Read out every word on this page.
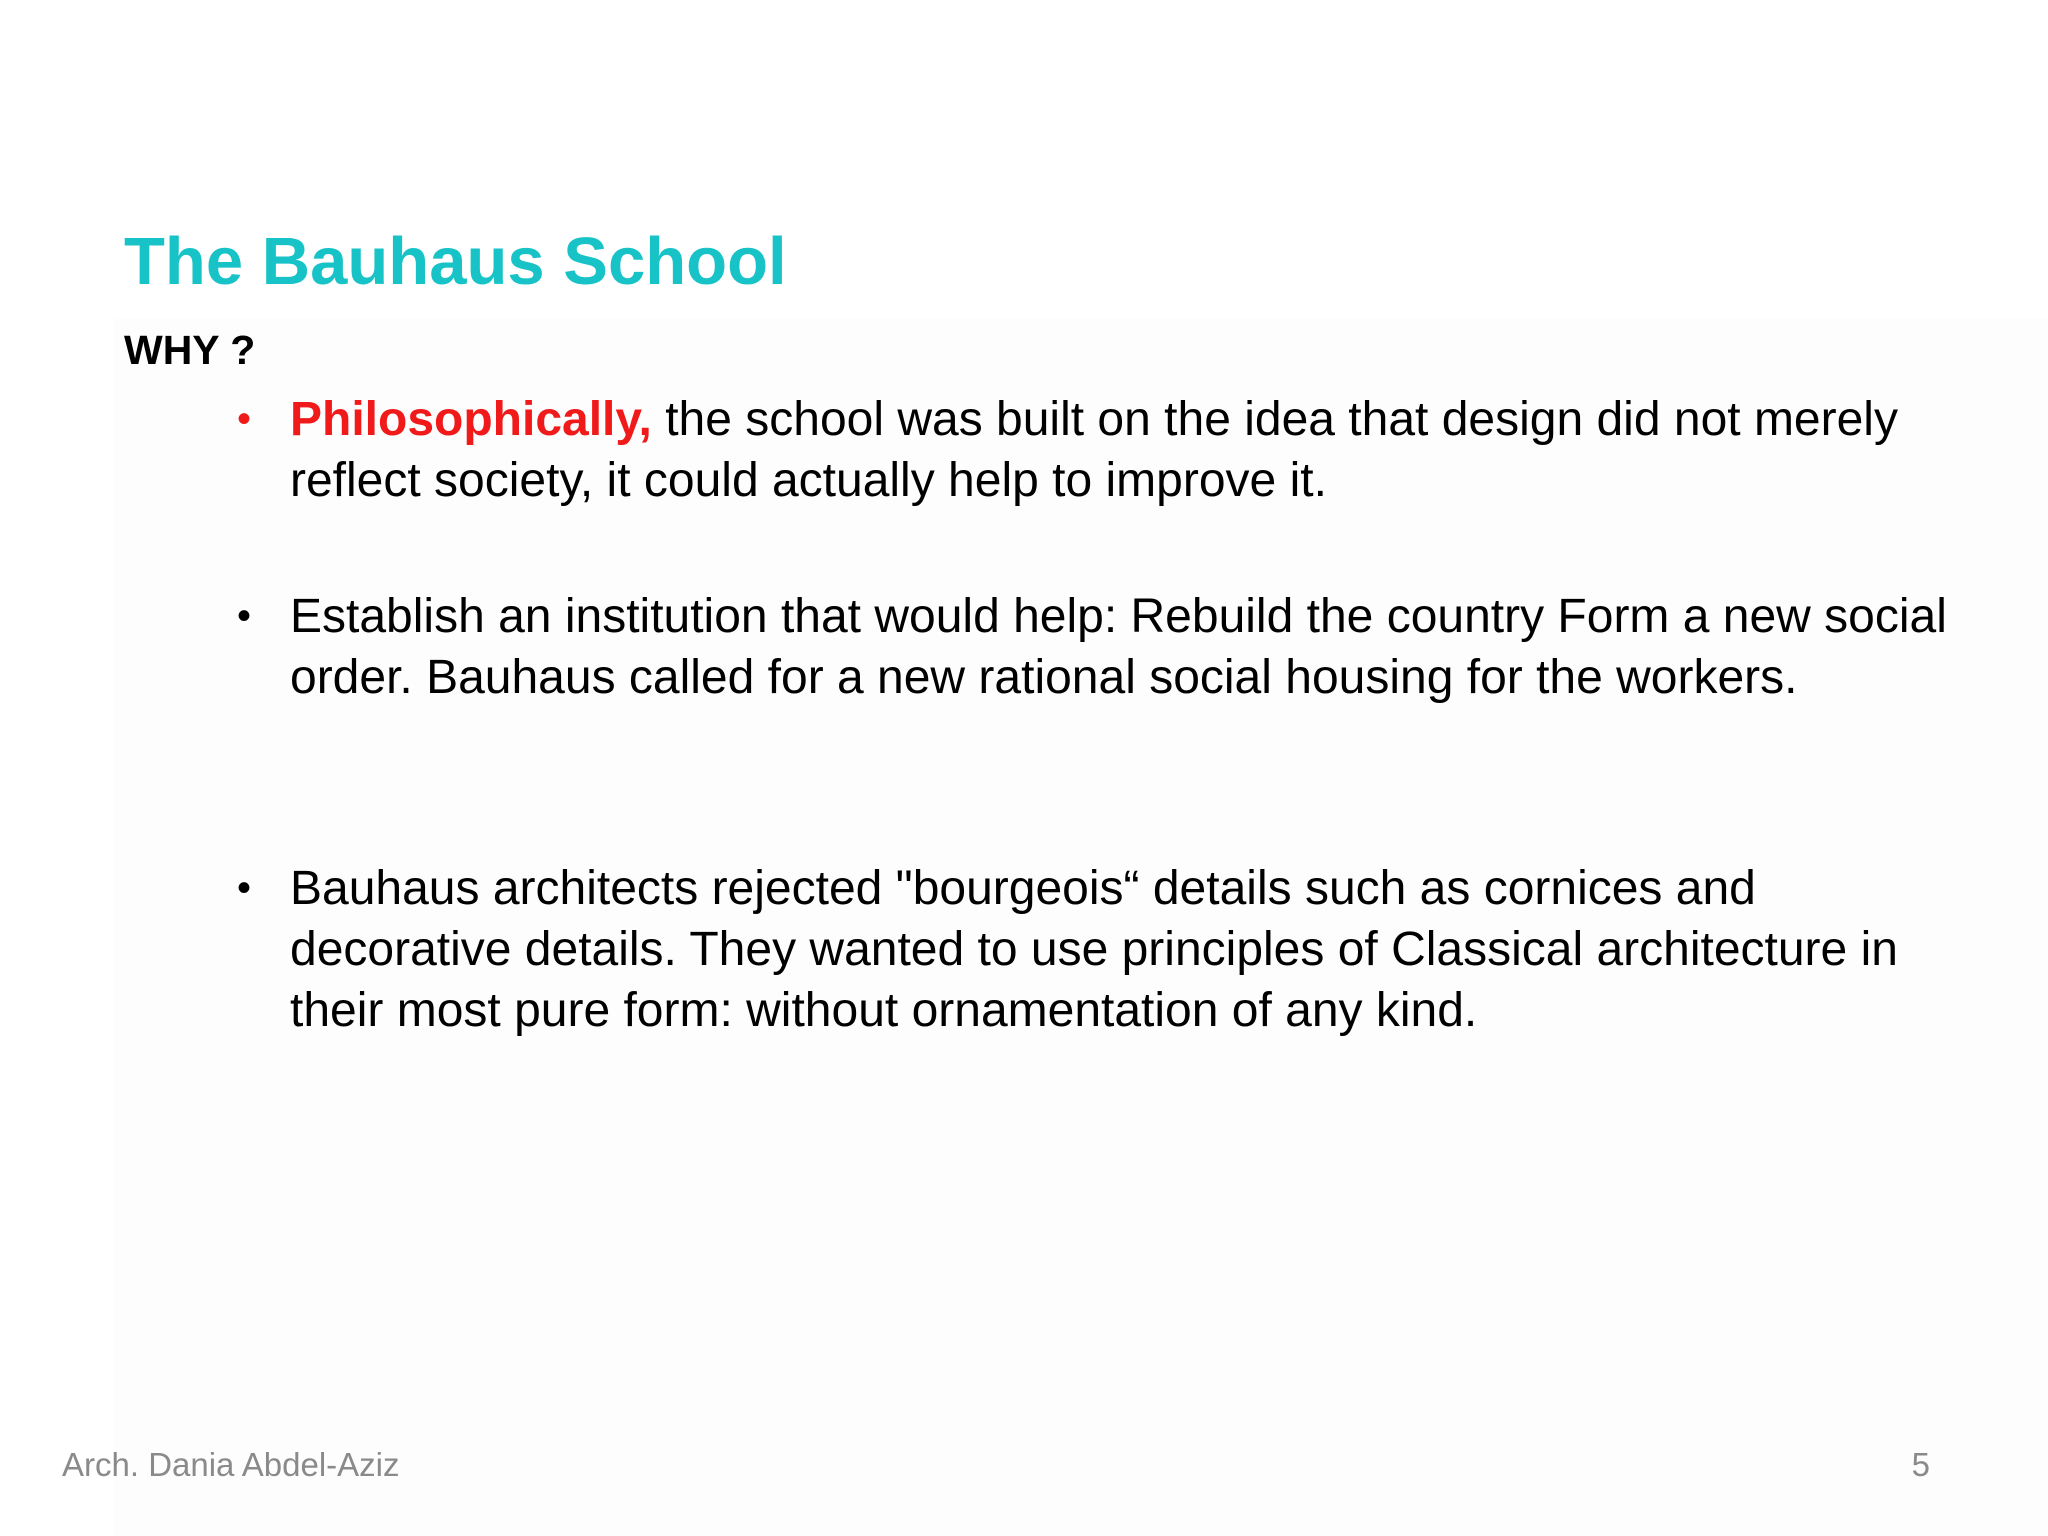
The Bauhaus School
WHY ?
• Philosophically, the school was built on the idea that design did not merely reflect society, it could actually help to improve it.
• Establish an institution that would help: Rebuild the country Form a new social order. Bauhaus called for a new rational social housing for the workers.
• Bauhaus architects rejected "bourgeois“ details such as cornices and decorative details. They wanted to use principles of Classical architecture in their most pure form: without ornamentation of any kind.
Arch. Dania Abdel-Aziz	5
